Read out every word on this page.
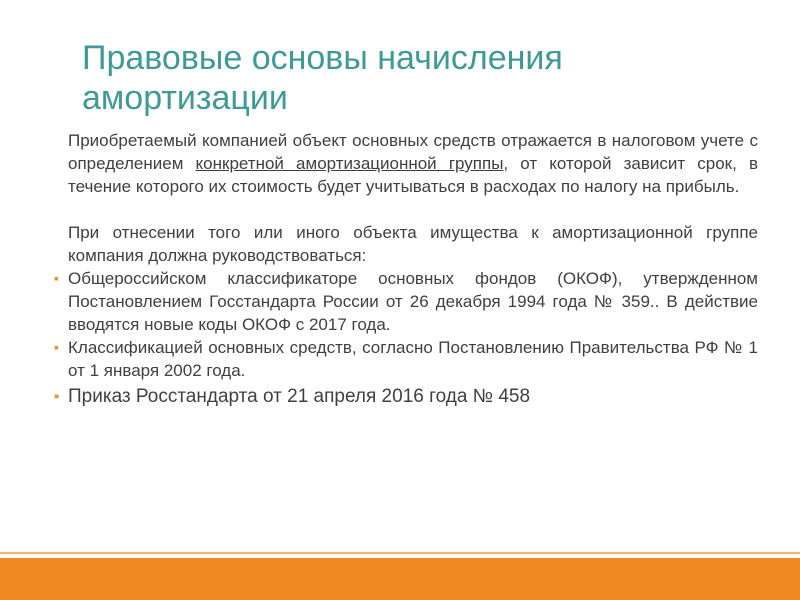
Правовые основы начисления
амортизации

Приобретаемый компанией объект основных средств отражается в налоговом учете с определением конкретной амортизационной группы, от которой зависит срок, в течение которого их стоимость будет учитываться в расходах по налогу на прибыль.

При отнесении того или иного объекта имущества к амортизационной группе компания должна руководствоваться:

▪ Общероссийском классификаторе основных фондов (ОКОФ), утвержденном Постановлением Госстандарта России от 26 декабря 1994 года № 359.. В действие вводятся новые коды ОКОФ с 2017 года.

▪ Классификацией основных средств, согласно Постановлению Правительства РФ № 1 от 1 января 2002 года.

▪ Приказ Росстандарта от 21 апреля 2016 года № 458
